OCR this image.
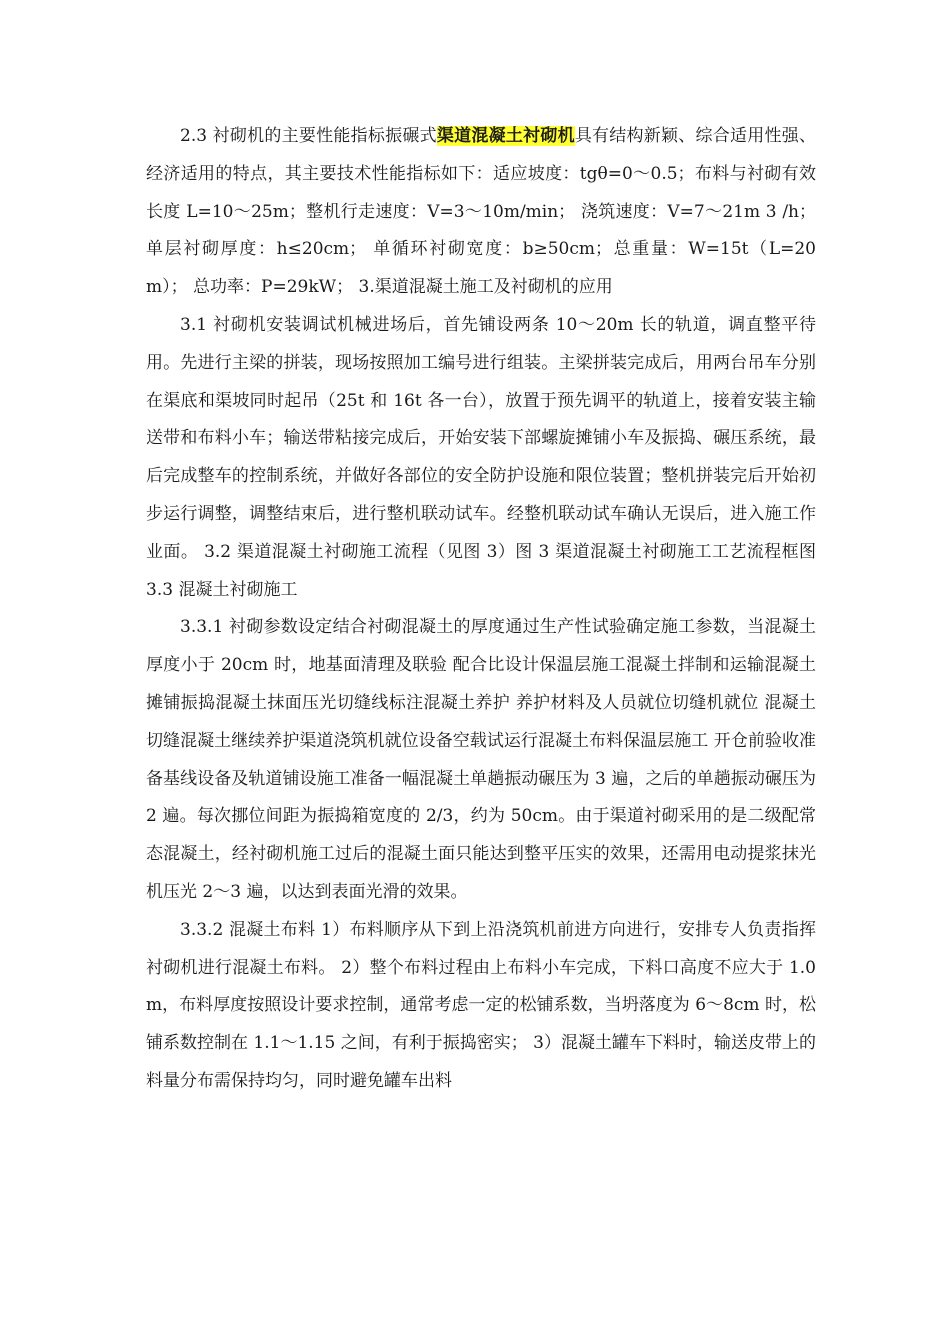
2.3 衬砌机的主要性能指标振碾式渠道混凝土衬砌机具有结构新颖、综合适用性强、经济适用的特点，其主要技术性能指标如下：适应坡度：tgθ=0～0.5；布料与衬砌有效长度 L=10～25m；整机行走速度：V=3～10m/min； 浇筑速度：V=7～21m 3 /h；单层衬砌厚度：h≤20cm； 单循环衬砌宽度：b≥50cm；总重量：W=15t（L=20m）； 总功率：P=29kW； 3.渠道混凝土施工及衬砌机的应用

3.1 衬砌机安装调试机械进场后，首先铺设两条 10～20m 长的轨道，调直整平待用。先进行主梁的拼装，现场按照加工编号进行组装。主梁拼装完成后，用两台吊车分别在渠底和渠坡同时起吊（25t 和 16t 各一台），放置于预先调平的轨道上，接着安装主输送带和布料小车；输送带粘接完成后，开始安装下部螺旋摊铺小车及振捣、碾压系统，最后完成整车的控制系统，并做好各部位的安全防护设施和限位装置；整机拼装完后开始初步运行调整，调整结束后，进行整机联动试车。经整机联动试车确认无误后，进入施工作业面。 3.2 渠道混凝土衬砌施工流程（见图 3）图 3 渠道混凝土衬砌施工工艺流程框图 3.3 混凝土衬砌施工

3.3.1 衬砌参数设定结合衬砌混凝土的厚度通过生产性试验确定施工参数，当混凝土厚度小于 20cm 时，地基面清理及联验 配合比设计保温层施工混凝土拌制和运输混凝土摊铺振捣混凝土抹面压光切缝线标注混凝土养护 养护材料及人员就位切缝机就位 混凝土切缝混凝土继续养护渠道浇筑机就位设备空载试运行混凝土布料保温层施工 开仓前验收准备基线设备及轨道铺设施工准备一幅混凝土单趟振动碾压为 3 遍，之后的单趟振动碾压为 2 遍。每次挪位间距为振捣箱宽度的 2/3，约为 50cm。由于渠道衬砌采用的是二级配常态混凝土，经衬砌机施工过后的混凝土面只能达到整平压实的效果，还需用电动提浆抹光机压光 2～3 遍，以达到表面光滑的效果。

3.3.2 混凝土布料 1）布料顺序从下到上沿浇筑机前进方向进行，安排专人负责指挥衬砌机进行混凝土布料。 2）整个布料过程由上布料小车完成，下料口高度不应大于 1.0m，布料厚度按照设计要求控制，通常考虑一定的松铺系数，当坍落度为 6～8cm 时，松铺系数控制在 1.1～1.15 之间，有利于振捣密实； 3）混凝土罐车下料时，输送皮带上的料量分布需保持均匀，同时避免罐车出料
